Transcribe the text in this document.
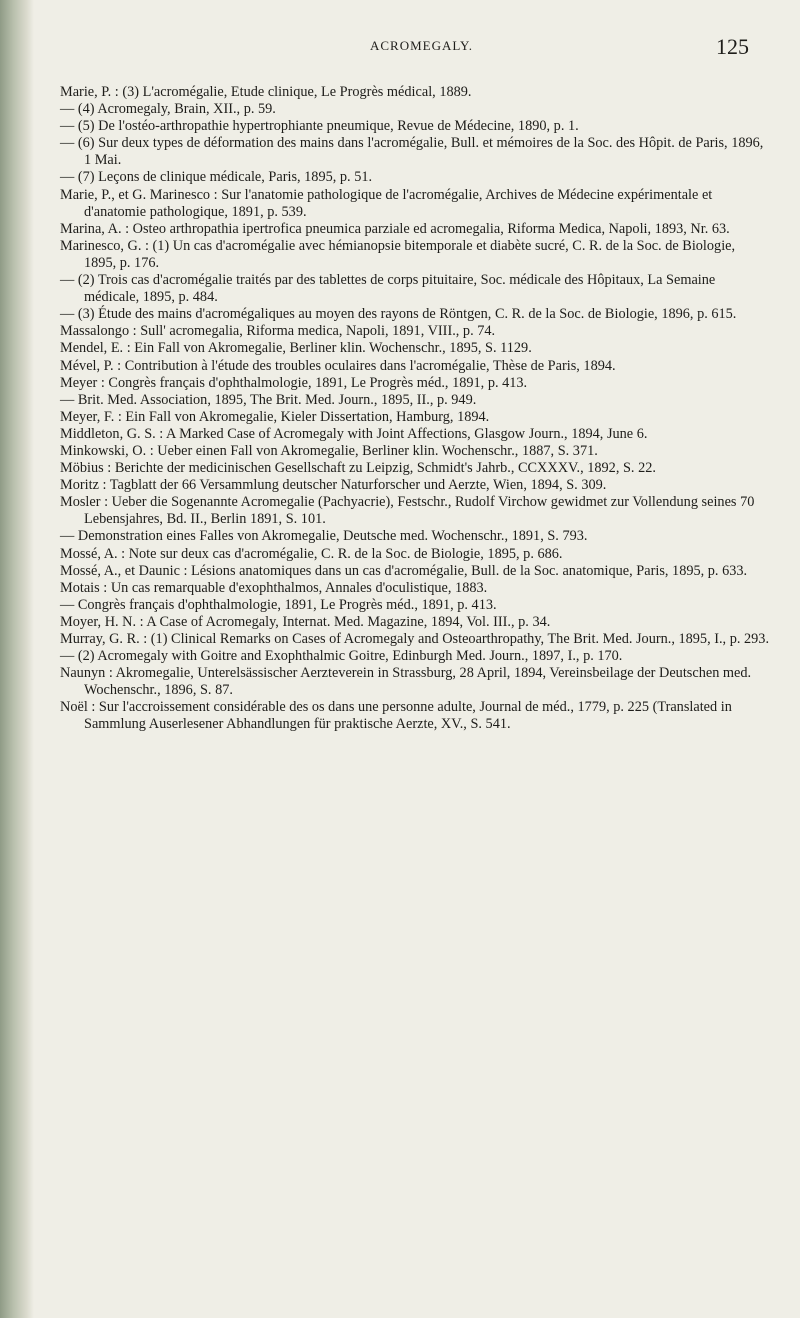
ACROMEGALY.	125

Marie, P. : (3) L'acromégalie, Etude clinique, Le Progrès médical, 1889.

— (4) Acromegaly, Brain, XII., p. 59.

— (5) De l'ostéo-arthropathie hypertrophiante pneumique, Revue de Médecine, 1890, p. 1.

— (6) Sur deux types de déformation des mains dans l'acromégalie, Bull. et mémoires de la Soc. des Hôpit. de Paris, 1896, 1 Mai.

— (7) Leçons de clinique médicale, Paris, 1895, p. 51.

Marie, P., et G. Marinesco : Sur l'anatomie pathologique de l'acromégalie, Archives de Médecine expérimentale et d'anatomie pathologique, 1891, p. 539.

Marina, A. : Osteo arthropathia ipertrofica pneumica parziale ed acromegalia, Riforma Medica, Napoli, 1893, Nr. 63.

Marinesco, G. : (1) Un cas d'acromégalie avec hémianopsie bitemporale et diabète sucré, C. R. de la Soc. de Biologie, 1895, p. 176.

— (2) Trois cas d'acromégalie traités par des tablettes de corps pituitaire, Soc. médicale des Hôpitaux, La Semaine médicale, 1895, p. 484.

— (3) Étude des mains d'acromégaliques au moyen des rayons de Röntgen, C. R. de la Soc. de Biologie, 1896, p. 615.

Massalongo : Sull' acromegalia, Riforma medica, Napoli, 1891, VIII., p. 74.

Mendel, E. : Ein Fall von Akromegalie, Berliner klin. Wochenschr., 1895, S. 1129.

Mével, P. : Contribution à l'étude des troubles oculaires dans l'acromégalie, Thèse de Paris, 1894.

Meyer : Congrès français d'ophthalmologie, 1891, Le Progrès méd., 1891, p. 413.

— Brit. Med. Association, 1895, The Brit. Med. Journ., 1895, II., p. 949.

Meyer, F. : Ein Fall von Akromegalie, Kieler Dissertation, Hamburg, 1894.

Middleton, G. S. : A Marked Case of Acromegaly with Joint Affections, Glasgow Journ., 1894, June 6.

Minkowski, O. : Ueber einen Fall von Akromegalie, Berliner klin. Wochenschr., 1887, S. 371.

Möbius : Berichte der medicinischen Gesellschaft zu Leipzig, Schmidt's Jahrb., CCXXXV., 1892, S. 22.

Moritz : Tagblatt der 66 Versammlung deutscher Naturforscher und Aerzte, Wien, 1894, S. 309.

Mosler : Ueber die Sogenannte Acromegalie (Pachyacrie), Festschr., Rudolf Virchow gewidmet zur Vollendung seines 70 Lebensjahres, Bd. II., Berlin 1891, S. 101.

— Demonstration eines Falles von Akromegalie, Deutsche med. Wochenschr., 1891, S. 793.

Mossé, A. : Note sur deux cas d'acromégalie, C. R. de la Soc. de Biologie, 1895, p. 686.

Mossé, A., et Daunic : Lésions anatomiques dans un cas d'acromégalie, Bull. de la Soc. anatomique, Paris, 1895, p. 633.

Motais : Un cas remarquable d'exophthalmos, Annales d'oculistique, 1883.

— Congrès français d'ophthalmologie, 1891, Le Progrès méd., 1891, p. 413.

Moyer, H. N. : A Case of Acromegaly, Internat. Med. Magazine, 1894, Vol. III., p. 34.

Murray, G. R. : (1) Clinical Remarks on Cases of Acromegaly and Osteoarthropathy, The Brit. Med. Journ., 1895, I., p. 293.

— (2) Acromegaly with Goitre and Exophthalmic Goitre, Edinburgh Med. Journ., 1897, I., p. 170.

Naunyn : Akromegalie, Unterelsässischer Aerzteverein in Strassburg, 28 April, 1894, Vereinsbeilage der Deutschen med. Wochenschr., 1896, S. 87.

Noël : Sur l'accroissement considérable des os dans une personne adulte, Journal de méd., 1779, p. 225 (Translated in Sammlung Auserlesener Abhandlungen für praktische Aerzte, XV., S. 541.
